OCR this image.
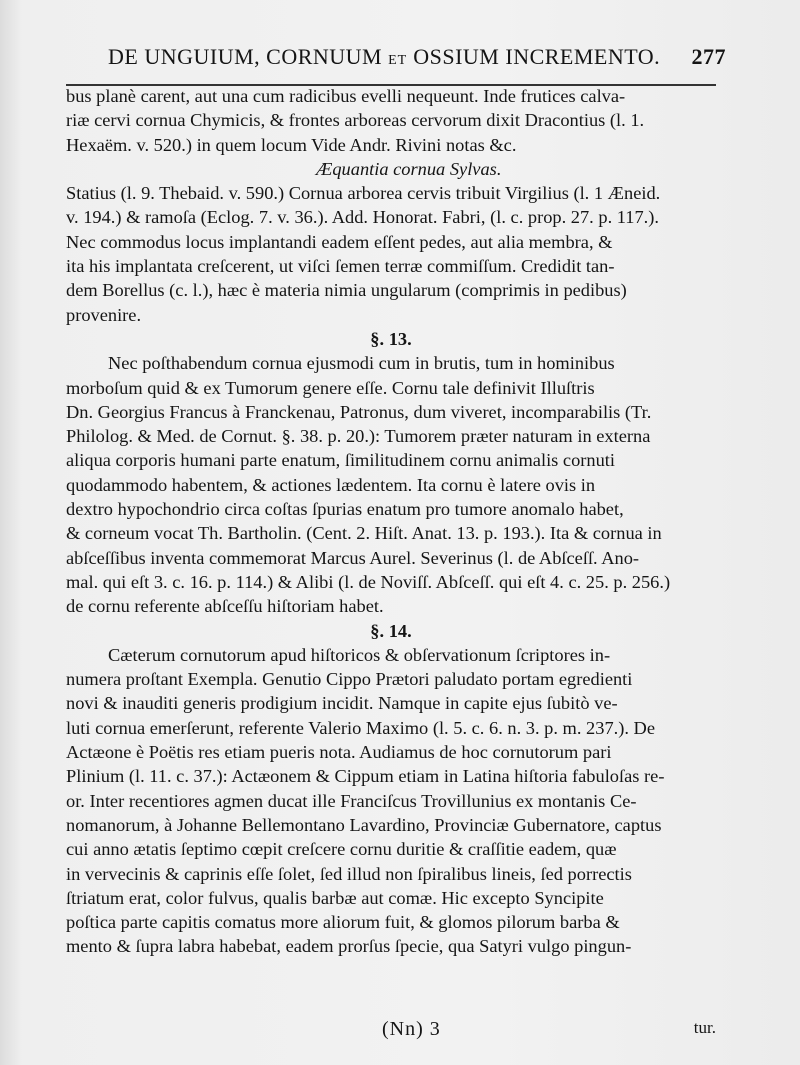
DE UNGUIUM, CORNUUM ET OSSIUM INCREMENTO. 277
bus planè carent, aut una cum radicibus evelli nequeunt. Inde frutices calva-
riæ cervi cornua Chymicis, & frontes arboreas cervorum dixit Dracontius (l. 1.
Hexaëm. v. 520.) in quem locum Vide Andr. Rivini notas &c.
Æquantia cornua Sylvas.
Statius (l. 9. Thebaid. v. 590.) Cornua arborea cervis tribuit Virgilius (l. 1 Æneid.
v. 194.) & ramoſa (Eclog. 7. v. 36.). Add. Honorat. Fabri, (l. c. prop. 27. p. 117.).
Nec commodus locus implantandi eadem eſſent pedes, aut alia membra, &
ita his implantata creſcerent, ut viſci ſemen terræ commiſſum. Credidit tan-
dem Borellus (c. l.), hæc è materia nimia ungularum (comprimis in pedibus)
provenire.
§. 13.
Nec poſthabendum cornua ejusmodi cum in brutis, tum in hominibus
morboſum quid & ex Tumorum genere eſſe. Cornu tale definivit Illuſtris
Dn. Georgius Francus à Franckenau, Patronus, dum viveret, incomparabilis (Tr.
Philolog. & Med. de Cornut. §. 38. p. 20.): Tumorem præter naturam in externa
aliqua corporis humani parte enatum, ſimilitudinem cornu animalis cornuti
quodammodo habentem, & actiones lædentem. Ita cornu è latere ovis in
dextro hypochondrio circa coſtas ſpurias enatum pro tumore anomalo habet,
& corneum vocat Th. Bartholin. (Cent. 2. Hiſt. Anat. 13. p. 193.). Ita & cornua in
abſceſſibus inventa commemorat Marcus Aurel. Severinus (l. de Abſceſſ. Ano-
mal. qui eſt 3. c. 16. p. 114.) & Alibi (l. de Noviſſ. Abſceſſ. qui eſt 4. c. 25. p. 256.)
de cornu referente abſceſſu hiſtoriam habet.
§. 14.
Cæterum cornutorum apud hiſtoricos & obſervationum ſcriptores in-
numera proſtant Exempla. Genutio Cippo Prætori paludato portam egredienti
novi & inauditi generis prodigium incidit. Namque in capite ejus ſubitò ve-
luti cornua emerſerunt, referente Valerio Maximo (l. 5. c. 6. n. 3. p. m. 237.). De
Actæone è Poëtis res etiam pueris nota. Audiamus de hoc cornutorum pari
Plinium (l. 11. c. 37.): Actæonem & Cippum etiam in Latina hiſtoria fabuloſas re-
or. Inter recentiores agmen ducat ille Franciſcus Trovillunius ex montanis Ce-
nomanorum, à Johanne Bellemontano Lavardino, Provinciæ Gubernatore, captus
cui anno ætatis ſeptimo cœpit creſcere cornu duritie & craſſitie eadem, quæ
in vervecinis & caprinis eſſe ſolet, ſed illud non ſpiralibus lineis, ſed porrectis
ſtriatum erat, color fulvus, qualis barbæ aut comæ. Hic excepto Syncipite
poſtica parte capitis comatus more aliorum fuit, & glomos pilorum barba &
mento & ſupra labra habebat, eadem prorſus ſpecie, qua Satyri vulgo pingun-
(Nn) 3	tur.
